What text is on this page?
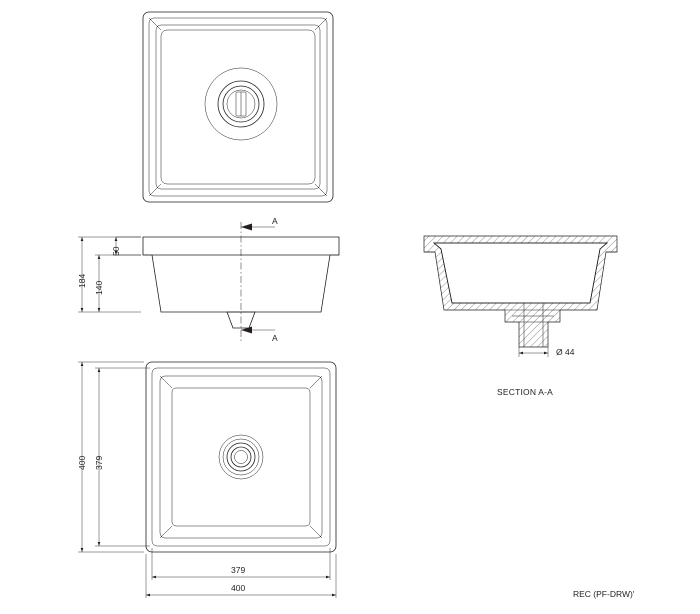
A
A
184 140
50
400 379
379
400
Ø 44
SECTION A-A
REC (PF-DRW)'
